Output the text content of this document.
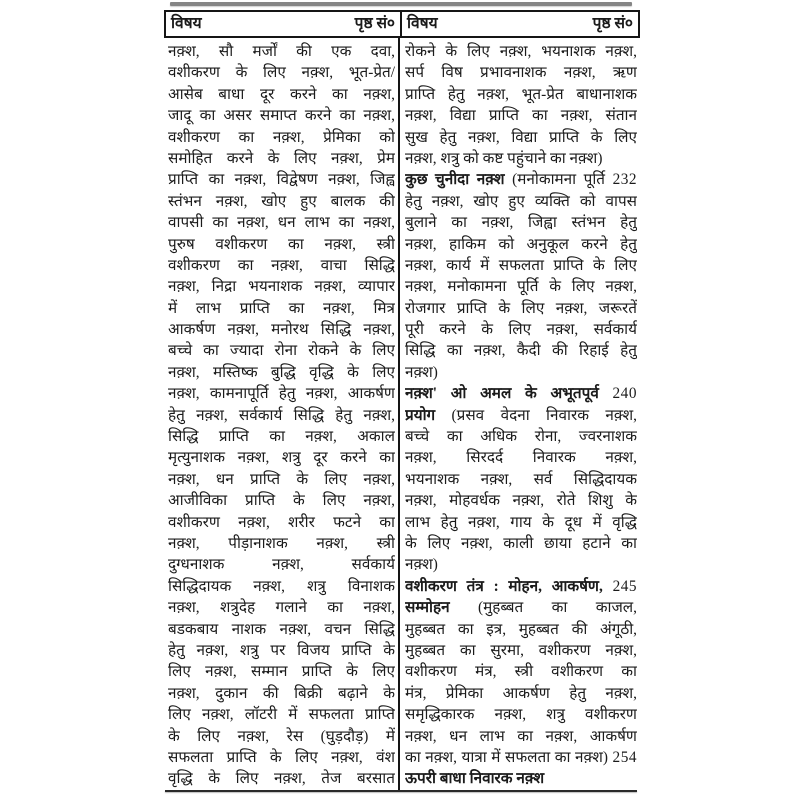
विषय	पृष्ठ सं० विषय	पृष्ठ सं०
नक़्श, सौ मर्जों की एक दवा,
वशीकरण के लिए नक़्श, भूत-प्रेत/
आसेब बाधा दूर करने का नक़्श,
जादू का असर समाप्त करने का नक़्श,
वशीकरण का नक़्श, प्रेमिका को
समोहित करने के लिए नक़्श, प्रेम
प्राप्ति का नक़्श, विद्वेषण नक़्श, जिह्व
स्तंभन नक़्श, खोए हुए बालक की
वापसी का नक़्श, धन लाभ का नक़्श,
पुरुष वशीकरण का नक़्श, स्त्री
वशीकरण का नक़्श, वाचा सिद्धि
नक़्श, निद्रा भयनाशक नक़्श, व्यापार
में लाभ प्राप्ति का नक़्श, मित्र
आकर्षण नक़्श, मनोरथ सिद्धि नक़्श,
बच्चे का ज्यादा रोना रोकने के लिए
नक़्श, मस्तिष्क बुद्धि वृद्धि के लिए
नक़्श, कामनापूर्ति हेतु नक़्श, आकर्षण
हेतु नक़्श, सर्वकार्य सिद्धि हेतु नक़्श,
सिद्धि प्राप्ति का नक़्श, अकाल
मृत्युनाशक नक़्श, शत्रु दूर करने का
नक़्श, धन प्राप्ति के लिए नक़्श,
आजीविका प्राप्ति के लिए नक़्श,
वशीकरण नक़्श, शरीर फटने का
नक़्श, पीड़ानाशक नक़्श, स्त्री
दुग्धनाशक नक़्श, सर्वकार्य
सिद्धिदायक नक़्श, शत्रु विनाशक
नक़्श, शत्रुदेह गलाने का नक़्श,
बडकबाय नाशक नक़्श, वचन सिद्धि
हेतु नक़्श, शत्रु पर विजय प्राप्ति के
लिए नक़्श, सम्मान प्राप्ति के लिए
नक़्श, दुकान की बिक्री बढ़ाने के
लिए नक़्श, लॉटरी में सफलता प्राप्ति
के लिए नक़्श, रेस (घुड़दौड़) में
सफलता प्राप्ति के लिए नक़्श, वंश
वृद्धि के लिए नक़्श, तेज बरसात
रोकने के लिए नक़्श, भयनाशक नक़्श,
सर्प विष प्रभावनाशक नक़्श, ऋण
प्राप्ति हेतु नक़्श, भूत-प्रेत बाधानाशक
नक़्श, विद्या प्राप्ति का नक़्श, संतान
सुख हेतु नक़्श, विद्या प्राप्ति के लिए
नक़्श, शत्रु को कष्ट पहुंचाने का नक़्श)
कुछ चुनीदा नक़्श (मनोकामना पूर्ति 232
हेतु नक़्श, खोए हुए व्यक्ति को वापस
बुलाने का नक़्श, जिह्वा स्तंभन हेतु
नक़्श, हाकिम को अनुकूल करने हेतु
नक़्श, कार्य में सफलता प्राप्ति के लिए
नक़्श, मनोकामना पूर्ति के लिए नक़्श,
रोजगार प्राप्ति के लिए नक़्श, जरूरतें
पूरी करने के लिए नक़्श, सर्वकार्य
सिद्धि का नक़्श, कैदी की रिहाई हेतु
नक़्श)
नक़्श' ओ अमल के अभूतपूर्व 240
प्रयोग (प्रसव वेदना निवारक नक़्श,
बच्चे का अधिक रोना, ज्वरनाशक
नक़्श, सिरदर्द निवारक नक़्श,
भयनाशक नक़्श, सर्व सिद्धिदायक
नक़्श, मोहवर्धक नक़्श, रोते शिशु के
लाभ हेतु नक़्श, गाय के दूध में वृद्धि
के लिए नक़्श, काली छाया हटाने का
नक़्श)
वशीकरण तंत्र : मोहन, आकर्षण, 245
सम्मोहन (मुहब्बत का काजल,
मुहब्बत का इत्र, मुहब्बत की अंगूठी,
मुहब्बत का सुरमा, वशीकरण नक़्श,
वशीकरण मंत्र, स्त्री वशीकरण का
मंत्र, प्रेमिका आकर्षण हेतु नक़्श,
समृद्धिकारक नक़्श, शत्रु वशीकरण
नक़्श, धन लाभ का नक़्श, आकर्षण
का नक़्श, यात्रा में सफलता का नक़्श) 254
ऊपरी बाधा निवारक नक़्श
